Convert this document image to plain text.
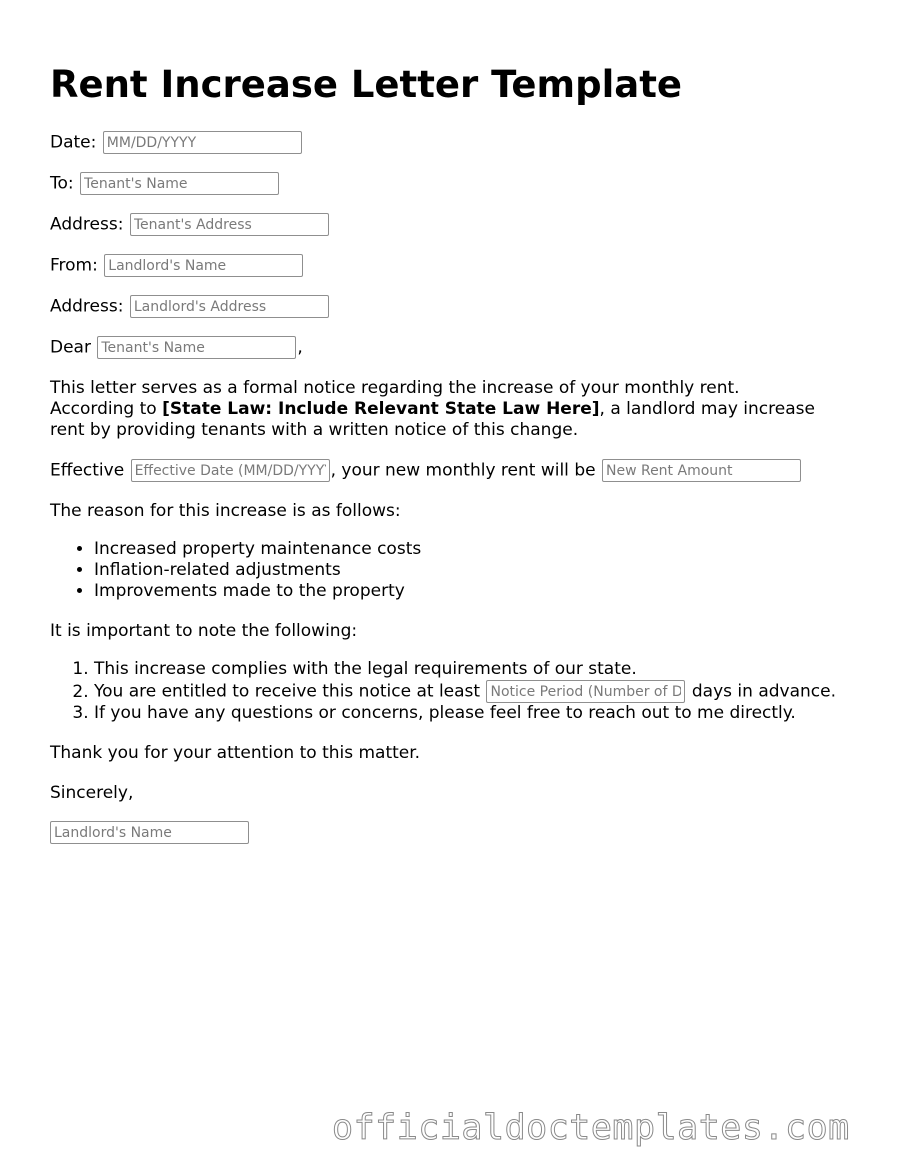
Rent Increase Letter Template
Date: MM/DD/YYYY
To: Tenant's Name
Address: Tenant's Address
From: Landlord's Name
Address: Landlord's Address
Dear Tenant's Name	,
This letter serves as a formal notice regarding the increase of your monthly rent.
According to [State Law: Include Relevant State Law Here], a landlord may increase
rent by providing tenants with a written notice of this change.
Effective Effective Date (MM/DD/YYYY)	, your new monthly rent will be New Rent Amount
The reason for this increase is as follows:
• Increased property maintenance costs
• Inflation-related adjustments
• Improvements made to the property
It is important to note the following:
1. This increase complies with the legal requirements of our state.
2. You are entitled to receive this notice at least Notice Period (Number of Days)	days in advance.
3. If you have any questions or concerns, please feel free to reach out to me directly.
Thank you for your attention to this matter.
Sincerely,
Landlord's Name
officialdoctemplates.com
